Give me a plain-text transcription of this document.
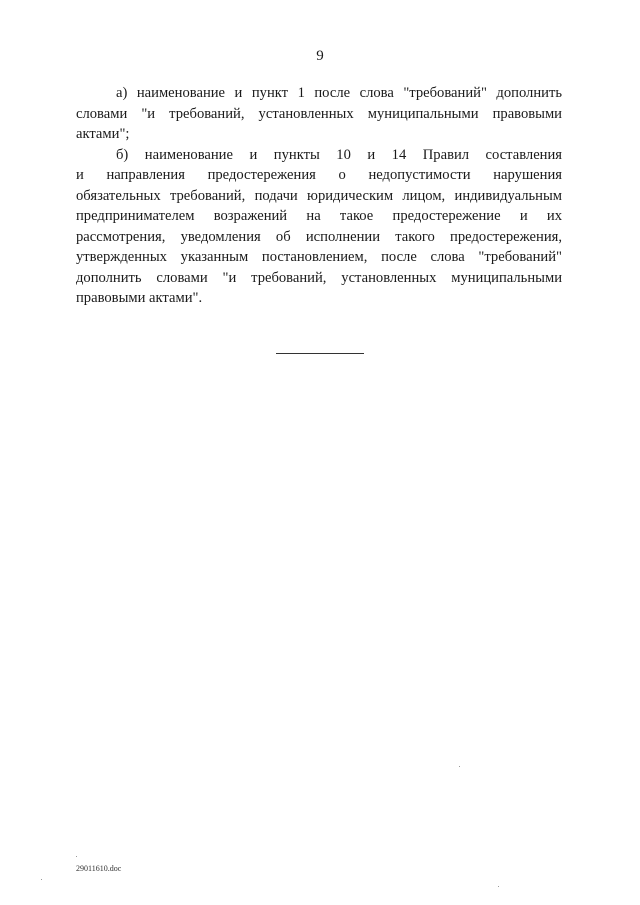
9
а) наименование и пункт 1 после слова "требований" дополнить
словами "и требований, установленных муниципальными правовыми
актами";
б) наименование и пункты 10 и 14 Правил составления
и направления предостережения о недопустимости нарушения
обязательных требований, подачи юридическим лицом, индивидуальным
предпринимателем возражений на такое предостережение и их
рассмотрения, уведомления об исполнении такого предостережения,
утвержденных указанным постановлением, после слова "требований"
дополнить словами "и требований, установленных муниципальными
правовыми актами".
29011610.doc
